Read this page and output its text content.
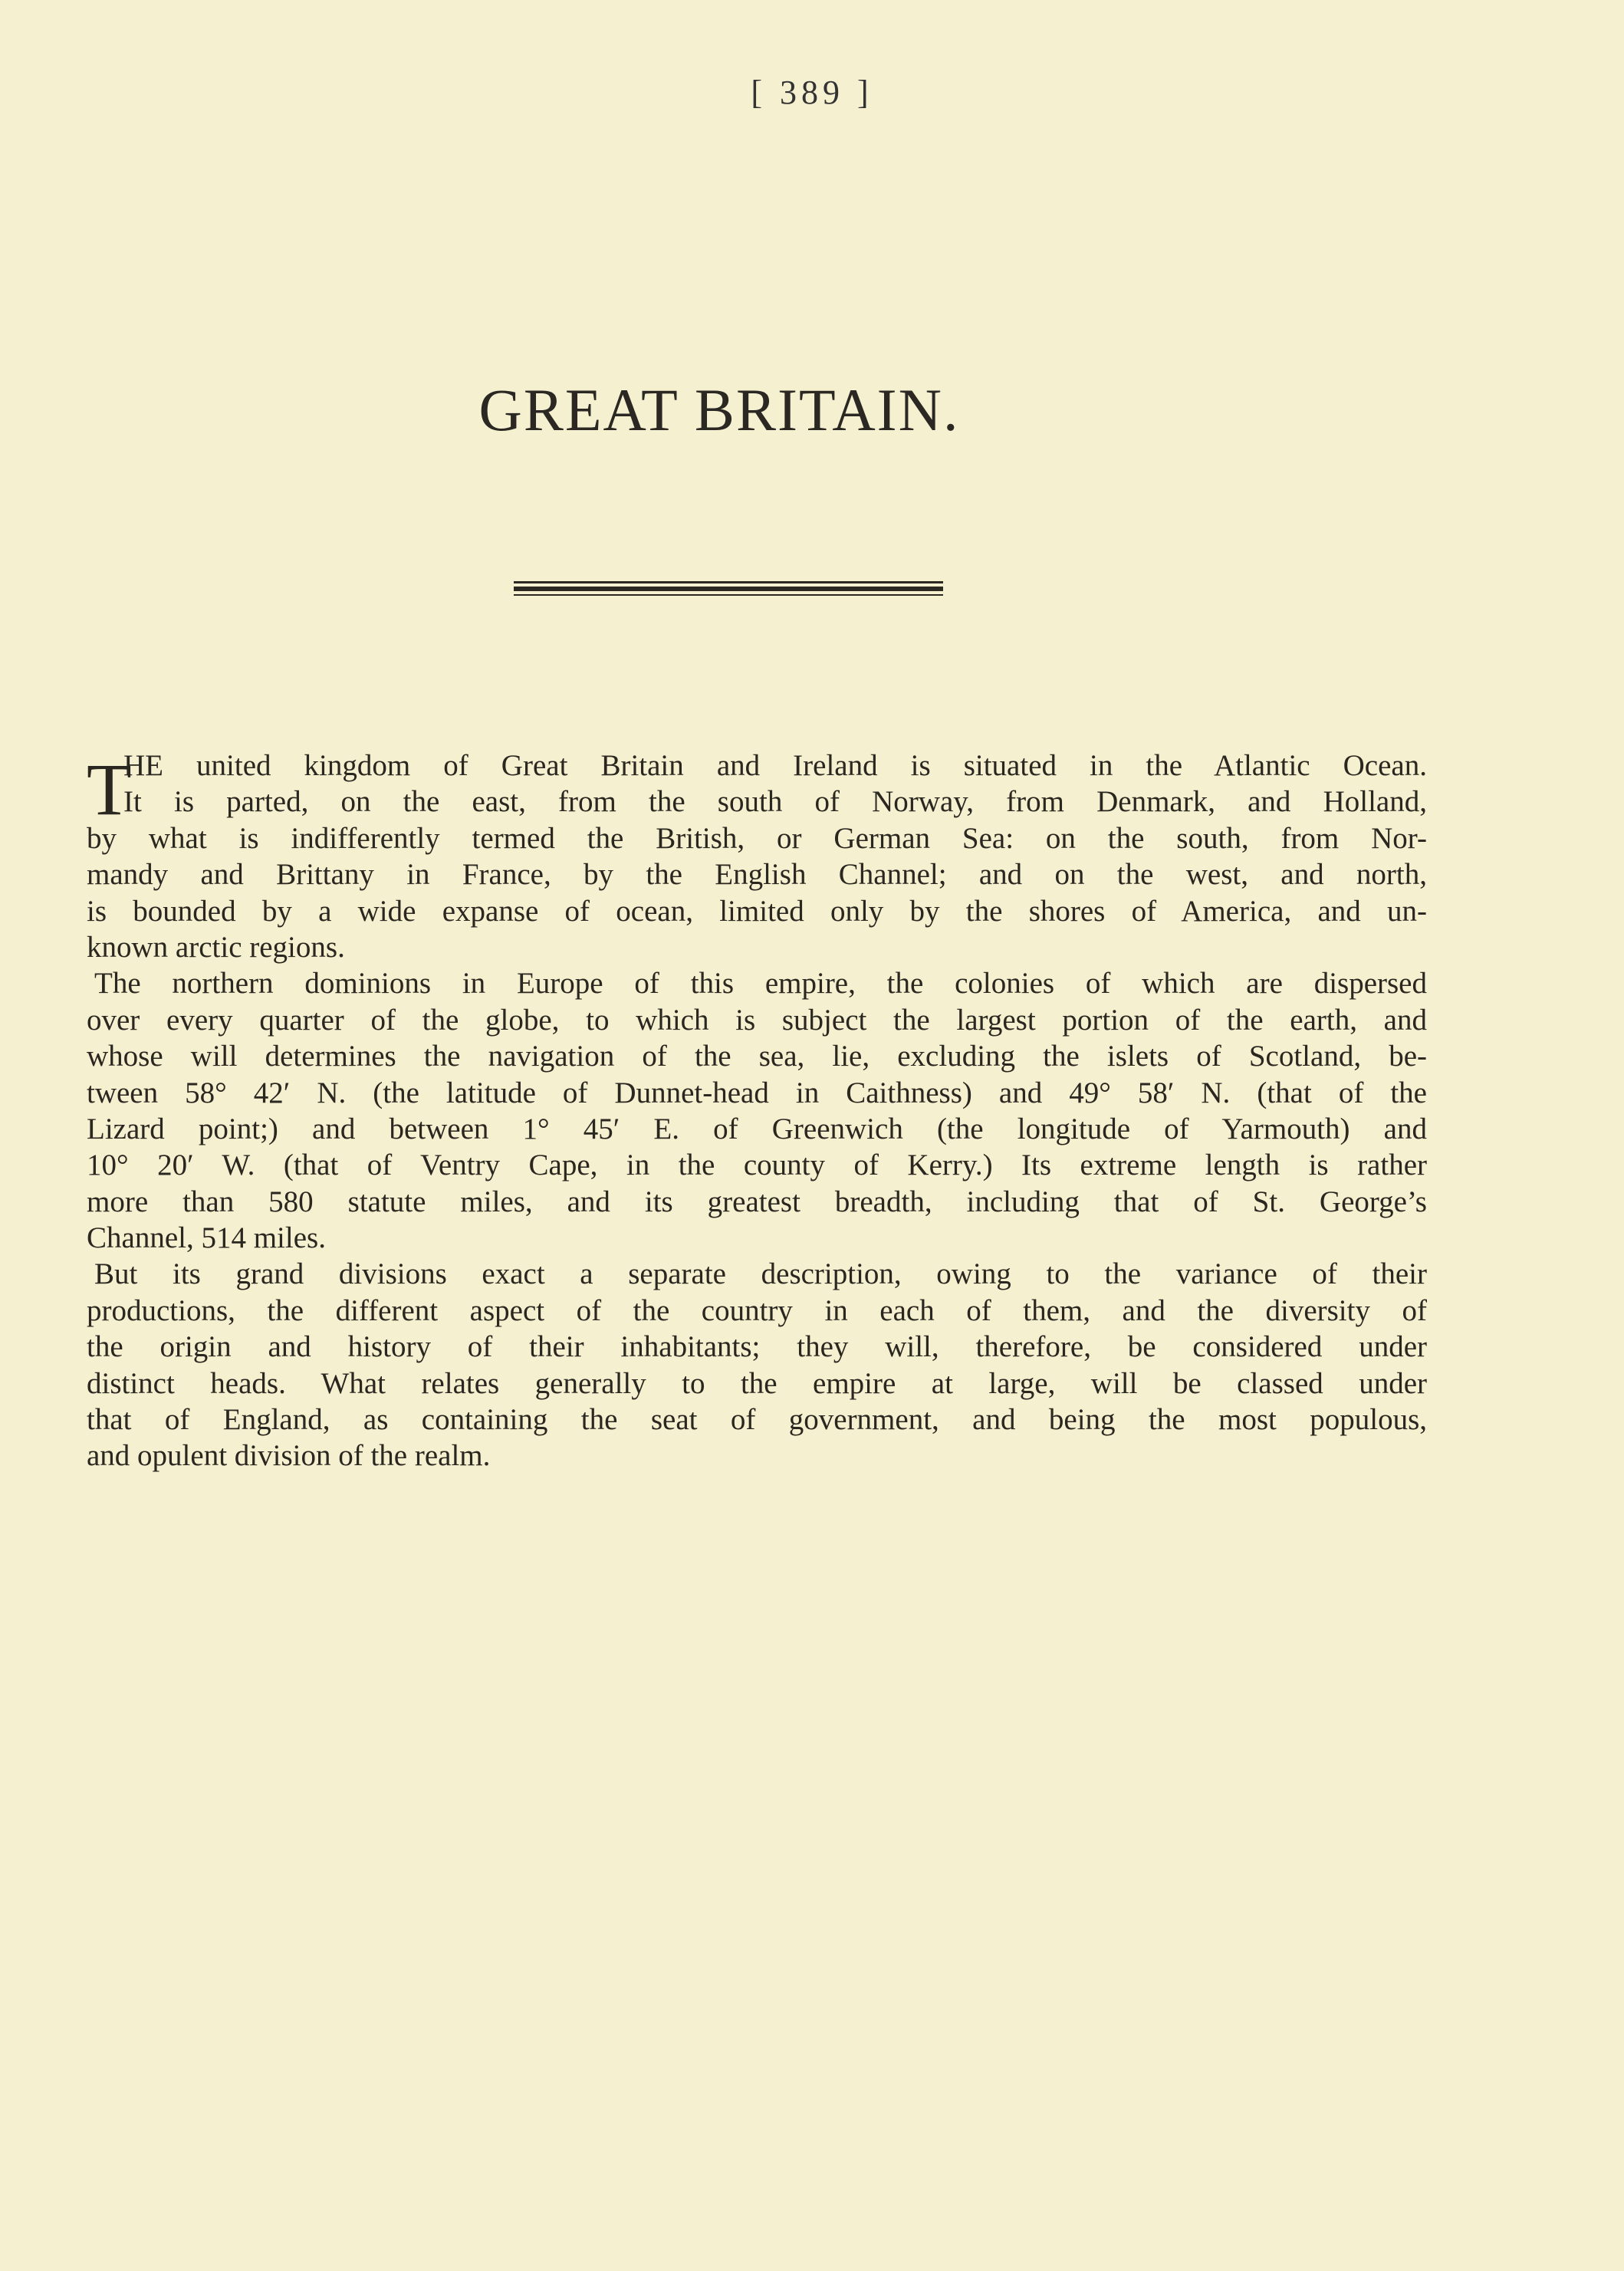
[ 389 ]
GREAT BRITAIN.
T
HE united kingdom of Great Britain and Ireland is situated in the Atlantic Ocean.
It is parted, on the east, from the south of Norway, from Denmark, and Holland,
by what is indifferently termed the British, or German Sea: on the south, from Nor-
mandy and Brittany in France, by the English Channel; and on the west, and north,
is bounded by a wide expanse of ocean, limited only by the shores of America, and un-
known arctic regions.
The northern dominions in Europe of this empire, the colonies of which are dispersed
over every quarter of the globe, to which is subject the largest portion of the earth, and
whose will determines the navigation of the sea, lie, excluding the islets of Scotland, be-
tween 58° 42′ N. (the latitude of Dunnet-head in Caithness) and 49° 58′ N. (that of the
Lizard point;) and between 1° 45′ E. of Greenwich (the longitude of Yarmouth) and
10° 20′ W. (that of Ventry Cape, in the county of Kerry.) Its extreme length is rather
more than 580 statute miles, and its greatest breadth, including that of St. George’s
Channel, 514 miles.
But its grand divisions exact a separate description, owing to the variance of their
productions, the different aspect of the country in each of them, and the diversity of
the origin and history of their inhabitants; they will, therefore, be considered under
distinct heads. What relates generally to the empire at large, will be classed under
that of England, as containing the seat of government, and being the most populous,
and opulent division of the realm.
